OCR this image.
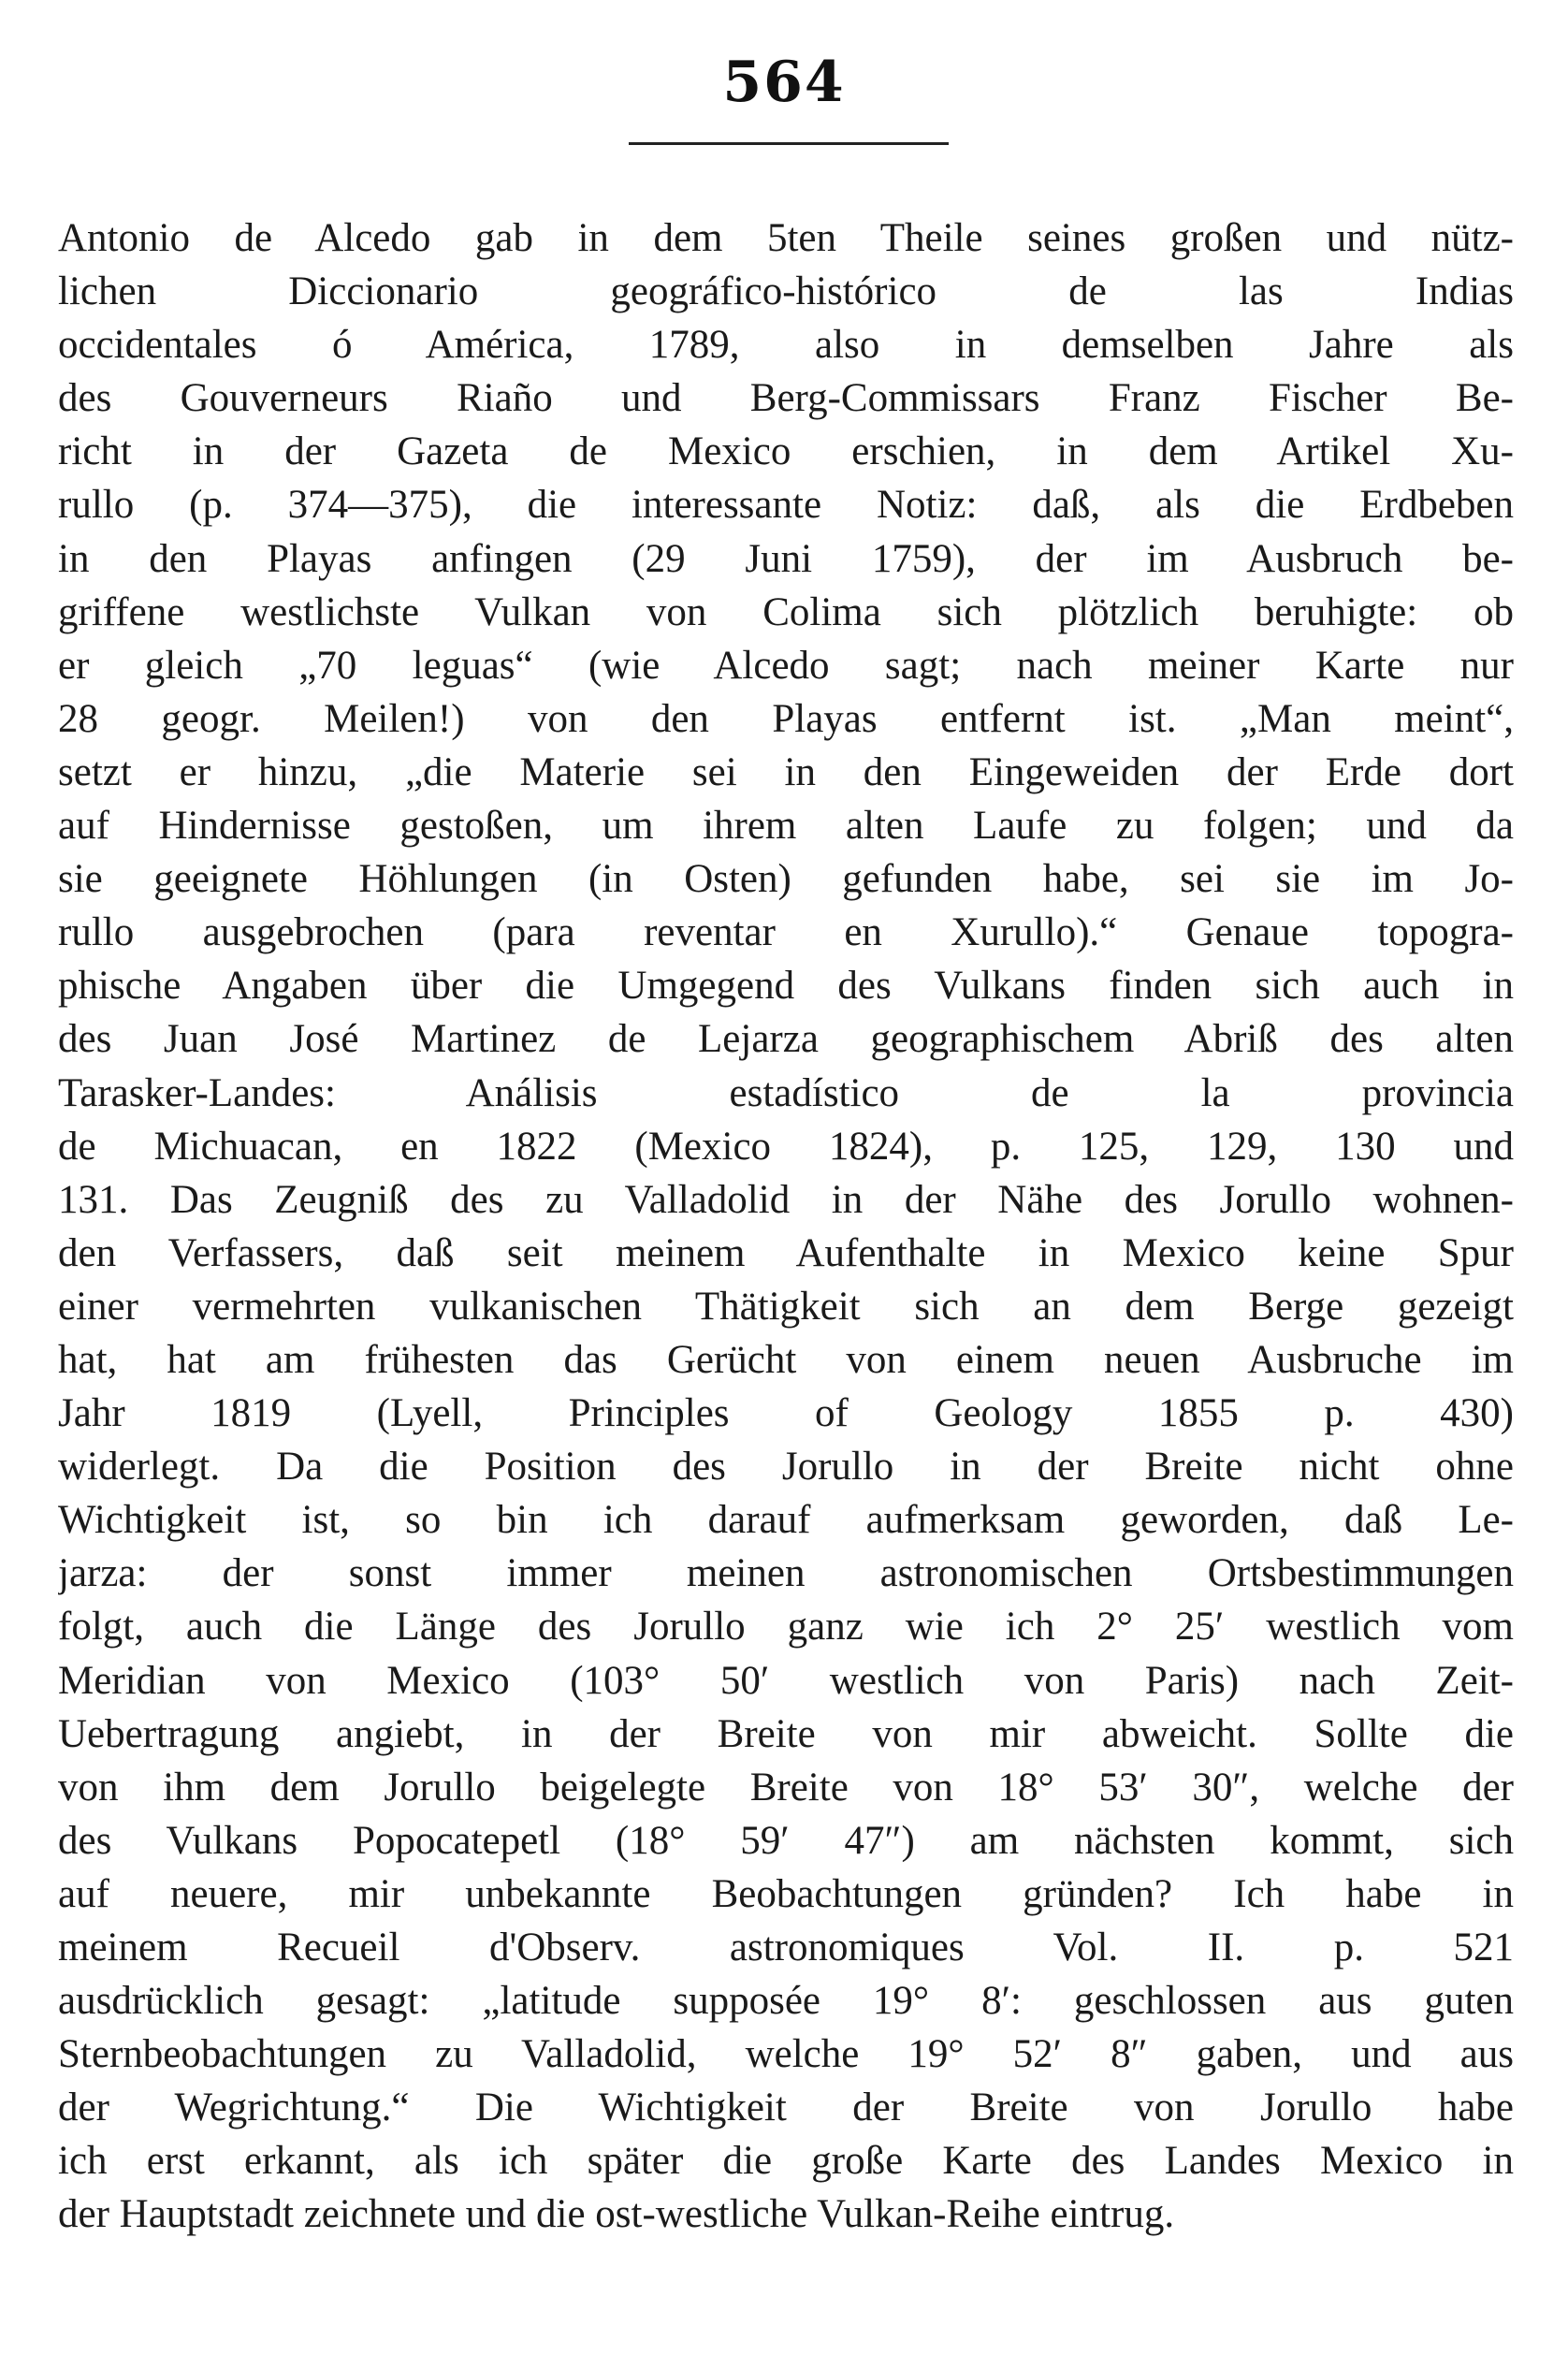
564
Antonio de Alcedo gab in dem 5ten Theile seines großen und nütz-
lichen Diccionario geográfico-histórico de las Indias
occidentales ó América, 1789, also in demselben Jahre als
des Gouverneurs Riaño und Berg-Commissars Franz Fischer Be-
richt in der Gazeta de Mexico erschien, in dem Artikel Xu-
rullo (p. 374—375), die interessante Notiz: daß, als die Erdbeben
in den Playas anfingen (29 Juni 1759), der im Ausbruch be-
griffene westlichste Vulkan von Colima sich plötzlich beruhigte: ob
er gleich „70 leguas“ (wie Alcedo sagt; nach meiner Karte nur
28 geogr. Meilen!) von den Playas entfernt ist. „Man meint“,
setzt er hinzu, „die Materie sei in den Eingeweiden der Erde dort
auf Hindernisse gestoßen, um ihrem alten Laufe zu folgen; und da
sie geeignete Höhlungen (in Osten) gefunden habe, sei sie im Jo-
rullo ausgebrochen (para reventar en Xurullo).“ Genaue topogra-
phische Angaben über die Umgegend des Vulkans finden sich auch in
des Juan José Martinez de Lejarza geographischem Abriß des alten
Tarasker-Landes: Análisis estadístico de la provincia
de Michuacan, en 1822 (Mexico 1824), p. 125, 129, 130 und
131. Das Zeugniß des zu Valladolid in der Nähe des Jorullo wohnen-
den Verfassers, daß seit meinem Aufenthalte in Mexico keine Spur
einer vermehrten vulkanischen Thätigkeit sich an dem Berge gezeigt
hat, hat am frühesten das Gerücht von einem neuen Ausbruche im
Jahr 1819 (Lyell, Principles of Geology 1855 p. 430)
widerlegt. Da die Position des Jorullo in der Breite nicht ohne
Wichtigkeit ist, so bin ich darauf aufmerksam geworden, daß Le-
jarza: der sonst immer meinen astronomischen Ortsbestimmungen
folgt, auch die Länge des Jorullo ganz wie ich 2° 25′ westlich vom
Meridian von Mexico (103° 50′ westlich von Paris) nach Zeit-
Uebertragung angiebt, in der Breite von mir abweicht. Sollte die
von ihm dem Jorullo beigelegte Breite von 18° 53′ 30″, welche der
des Vulkans Popocatepetl (18° 59′ 47″) am nächsten kommt, sich
auf neuere, mir unbekannte Beobachtungen gründen? Ich habe in
meinem Recueil d'Observ. astronomiques Vol. II. p. 521
ausdrücklich gesagt: „latitude supposée 19° 8′: geschlossen aus guten
Sternbeobachtungen zu Valladolid, welche 19° 52′ 8″ gaben, und aus
der Wegrichtung.“ Die Wichtigkeit der Breite von Jorullo habe
ich erst erkannt, als ich später die große Karte des Landes Mexico in
der Hauptstadt zeichnete und die ost-westliche Vulkan-Reihe eintrug.
